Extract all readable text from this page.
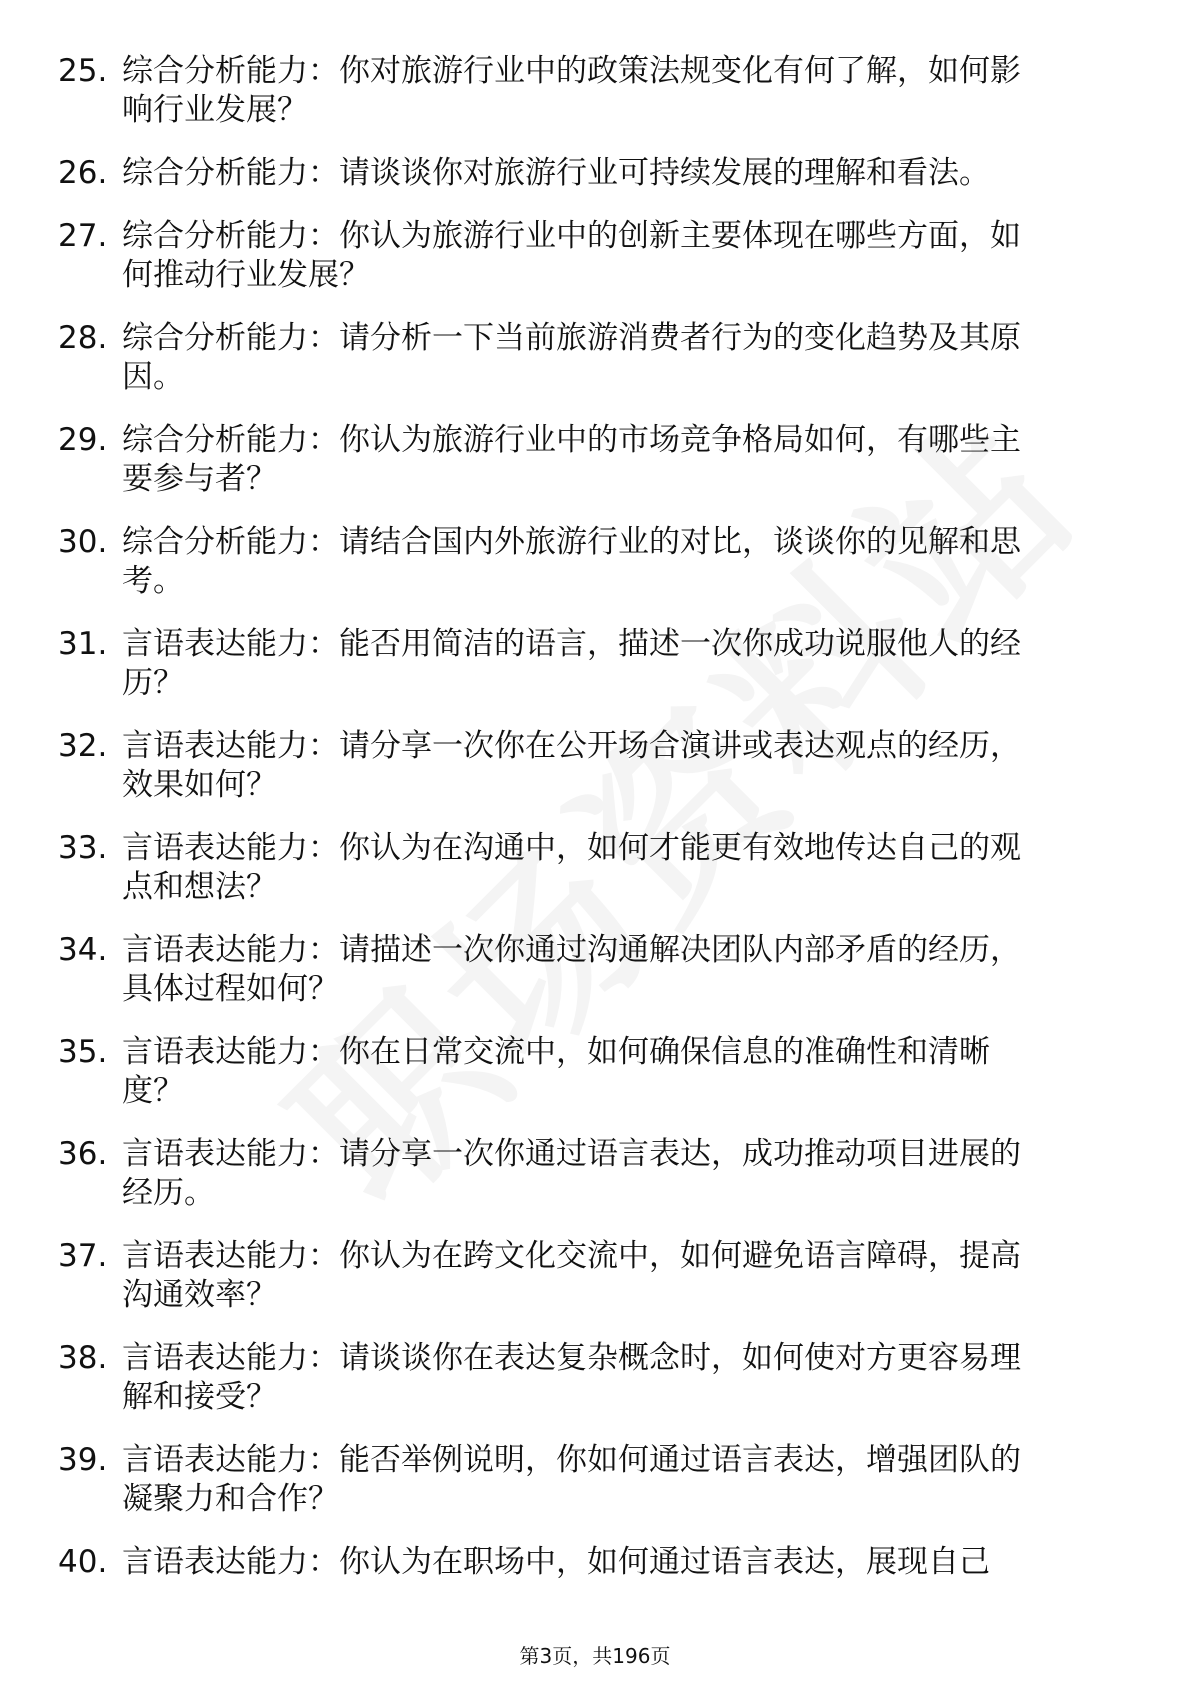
25. 综合分析能力：你对旅游行业中的政策法规变化有何了解，如何影响行业发展？
26. 综合分析能力：请谈谈你对旅游行业可持续发展的理解和看法。
27. 综合分析能力：你认为旅游行业中的创新主要体现在哪些方面，如何推动行业发展？
28. 综合分析能力：请分析一下当前旅游消费者行为的变化趋势及其原因。
29. 综合分析能力：你认为旅游行业中的市场竞争格局如何，有哪些主要参与者？
30. 综合分析能力：请结合国内外旅游行业的对比，谈谈你的见解和思考。
31. 言语表达能力：能否用简洁的语言，描述一次你成功说服他人的经历？
32. 言语表达能力：请分享一次你在公开场合演讲或表达观点的经历，效果如何？
33. 言语表达能力：你认为在沟通中，如何才能更有效地传达自己的观点和想法？
34. 言语表达能力：请描述一次你通过沟通解决团队内部矛盾的经历，具体过程如何？
35. 言语表达能力：你在日常交流中，如何确保信息的准确性和清晰度？
36. 言语表达能力：请分享一次你通过语言表达，成功推动项目进展的经历。
37. 言语表达能力：你认为在跨文化交流中，如何避免语言障碍，提高沟通效率？
38. 言语表达能力：请谈谈你在表达复杂概念时，如何使对方更容易理解和接受？
39. 言语表达能力：能否举例说明，你如何通过语言表达，增强团队的凝聚力和合作？
40. 言语表达能力：你认为在职场中，如何通过语言表达，展现自己
第3页，共196页
